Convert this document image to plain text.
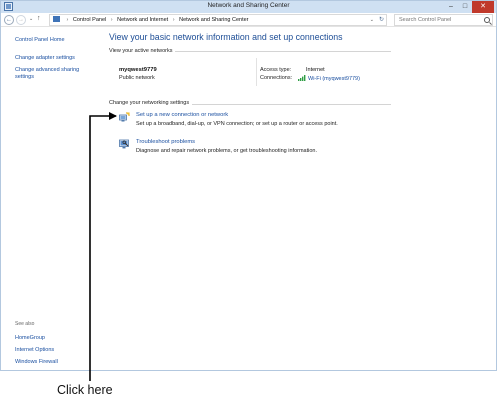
Network and Sharing Center	–	□	✕
←	→	⌄ ↑	› Control Panel › Network and Internet › Network and Sharing Center	⌄ ↻
Search Control Panel
Control Panel Home
Change adapter settings
Change advanced sharing settings
See also
HomeGroup
Internet Options
Windows Firewall
View your basic network information and set up connections
View your active networks
myqwest9779
Public network
Access type:	Internet
Connections:	Wi-Fi (myqwest9779)
Change your networking settings
Set up a new connection or network
Set up a broadband, dial-up, or VPN connection; or set up a router or access point.
Troubleshoot problems
Diagnose and repair network problems, or get troubleshooting information.
Click here
